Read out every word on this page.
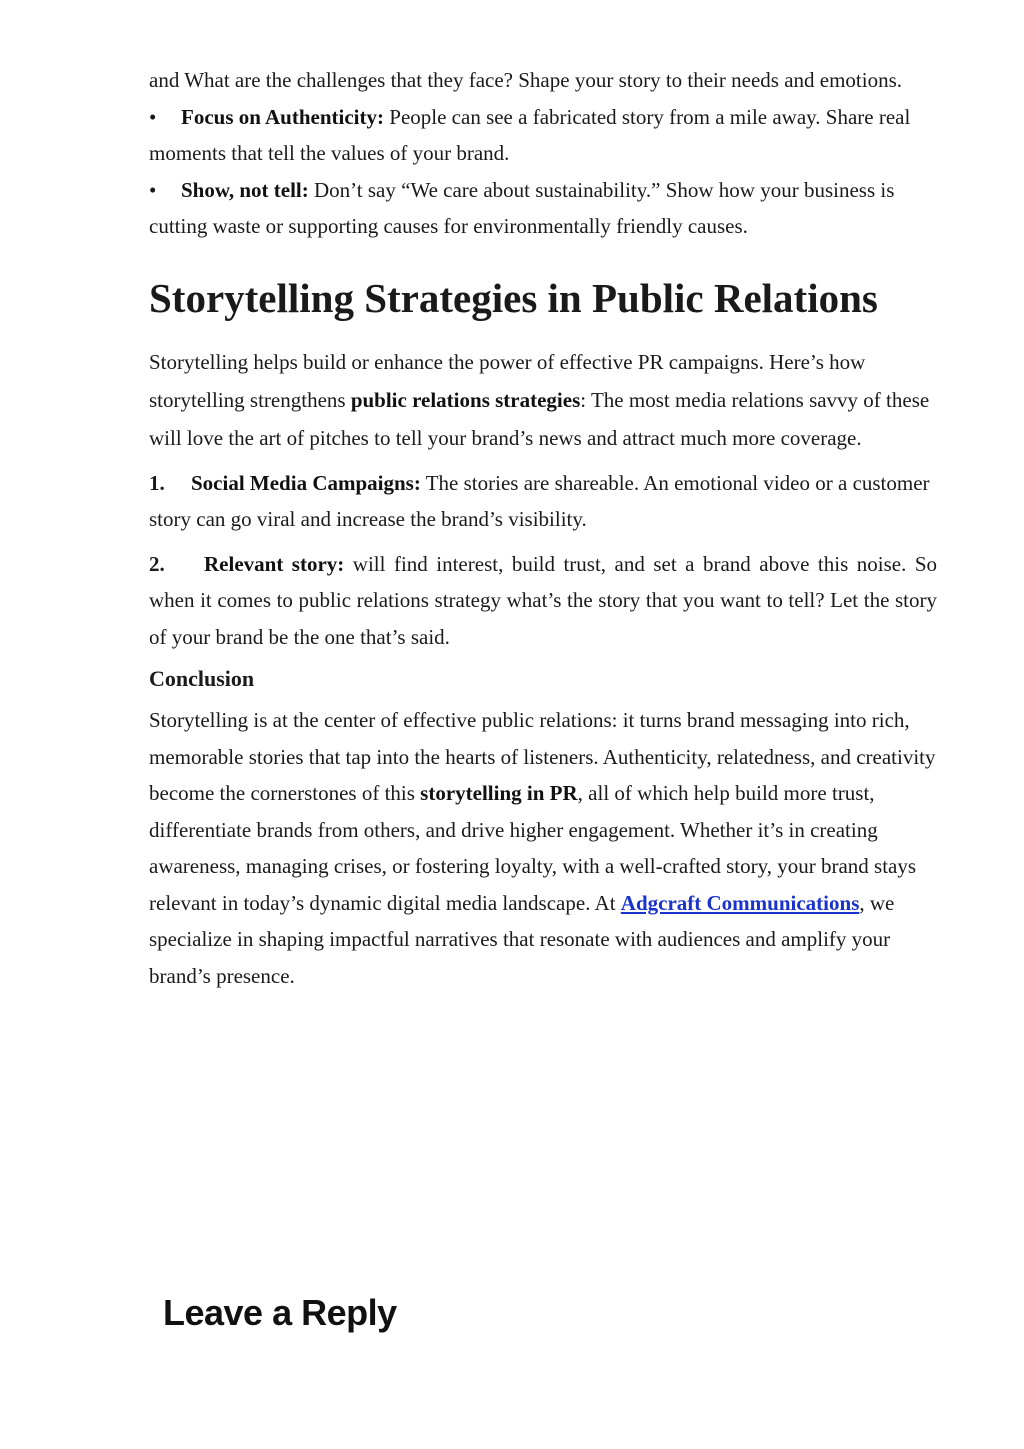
and What are the challenges that they face? Shape your story to their needs and emotions.

• Focus on Authenticity: People can see a fabricated story from a mile away. Share real moments that tell the values of your brand.

• Show, not tell: Don’t say “We care about sustainability.” Show how your business is cutting waste or supporting causes for environmentally friendly causes.

Storytelling Strategies in Public Relations

Storytelling helps build or enhance the power of effective PR campaigns. Here’s how storytelling strengthens public relations strategies: The most media relations savvy of these will love the art of pitches to tell your brand’s news and attract much more coverage.

1. Social Media Campaigns: The stories are shareable. An emotional video or a customer story can go viral and increase the brand’s visibility.

2. Relevant story: will find interest, build trust, and set a brand above this noise. So when it comes to public relations strategy what’s the story that you want to tell? Let the story of your brand be the one that’s said.

Conclusion

Storytelling is at the center of effective public relations: it turns brand messaging into rich, memorable stories that tap into the hearts of listeners. Authenticity, relatedness, and creativity become the cornerstones of this storytelling in PR, all of which help build more trust, differentiate brands from others, and drive higher engagement. Whether it’s in creating awareness, managing crises, or fostering loyalty, with a well-crafted story, your brand stays relevant in today’s dynamic digital media landscape. At Adgcraft Communications, we specialize in shaping impactful narratives that resonate with audiences and amplify your brand’s presence.

Leave a Reply
